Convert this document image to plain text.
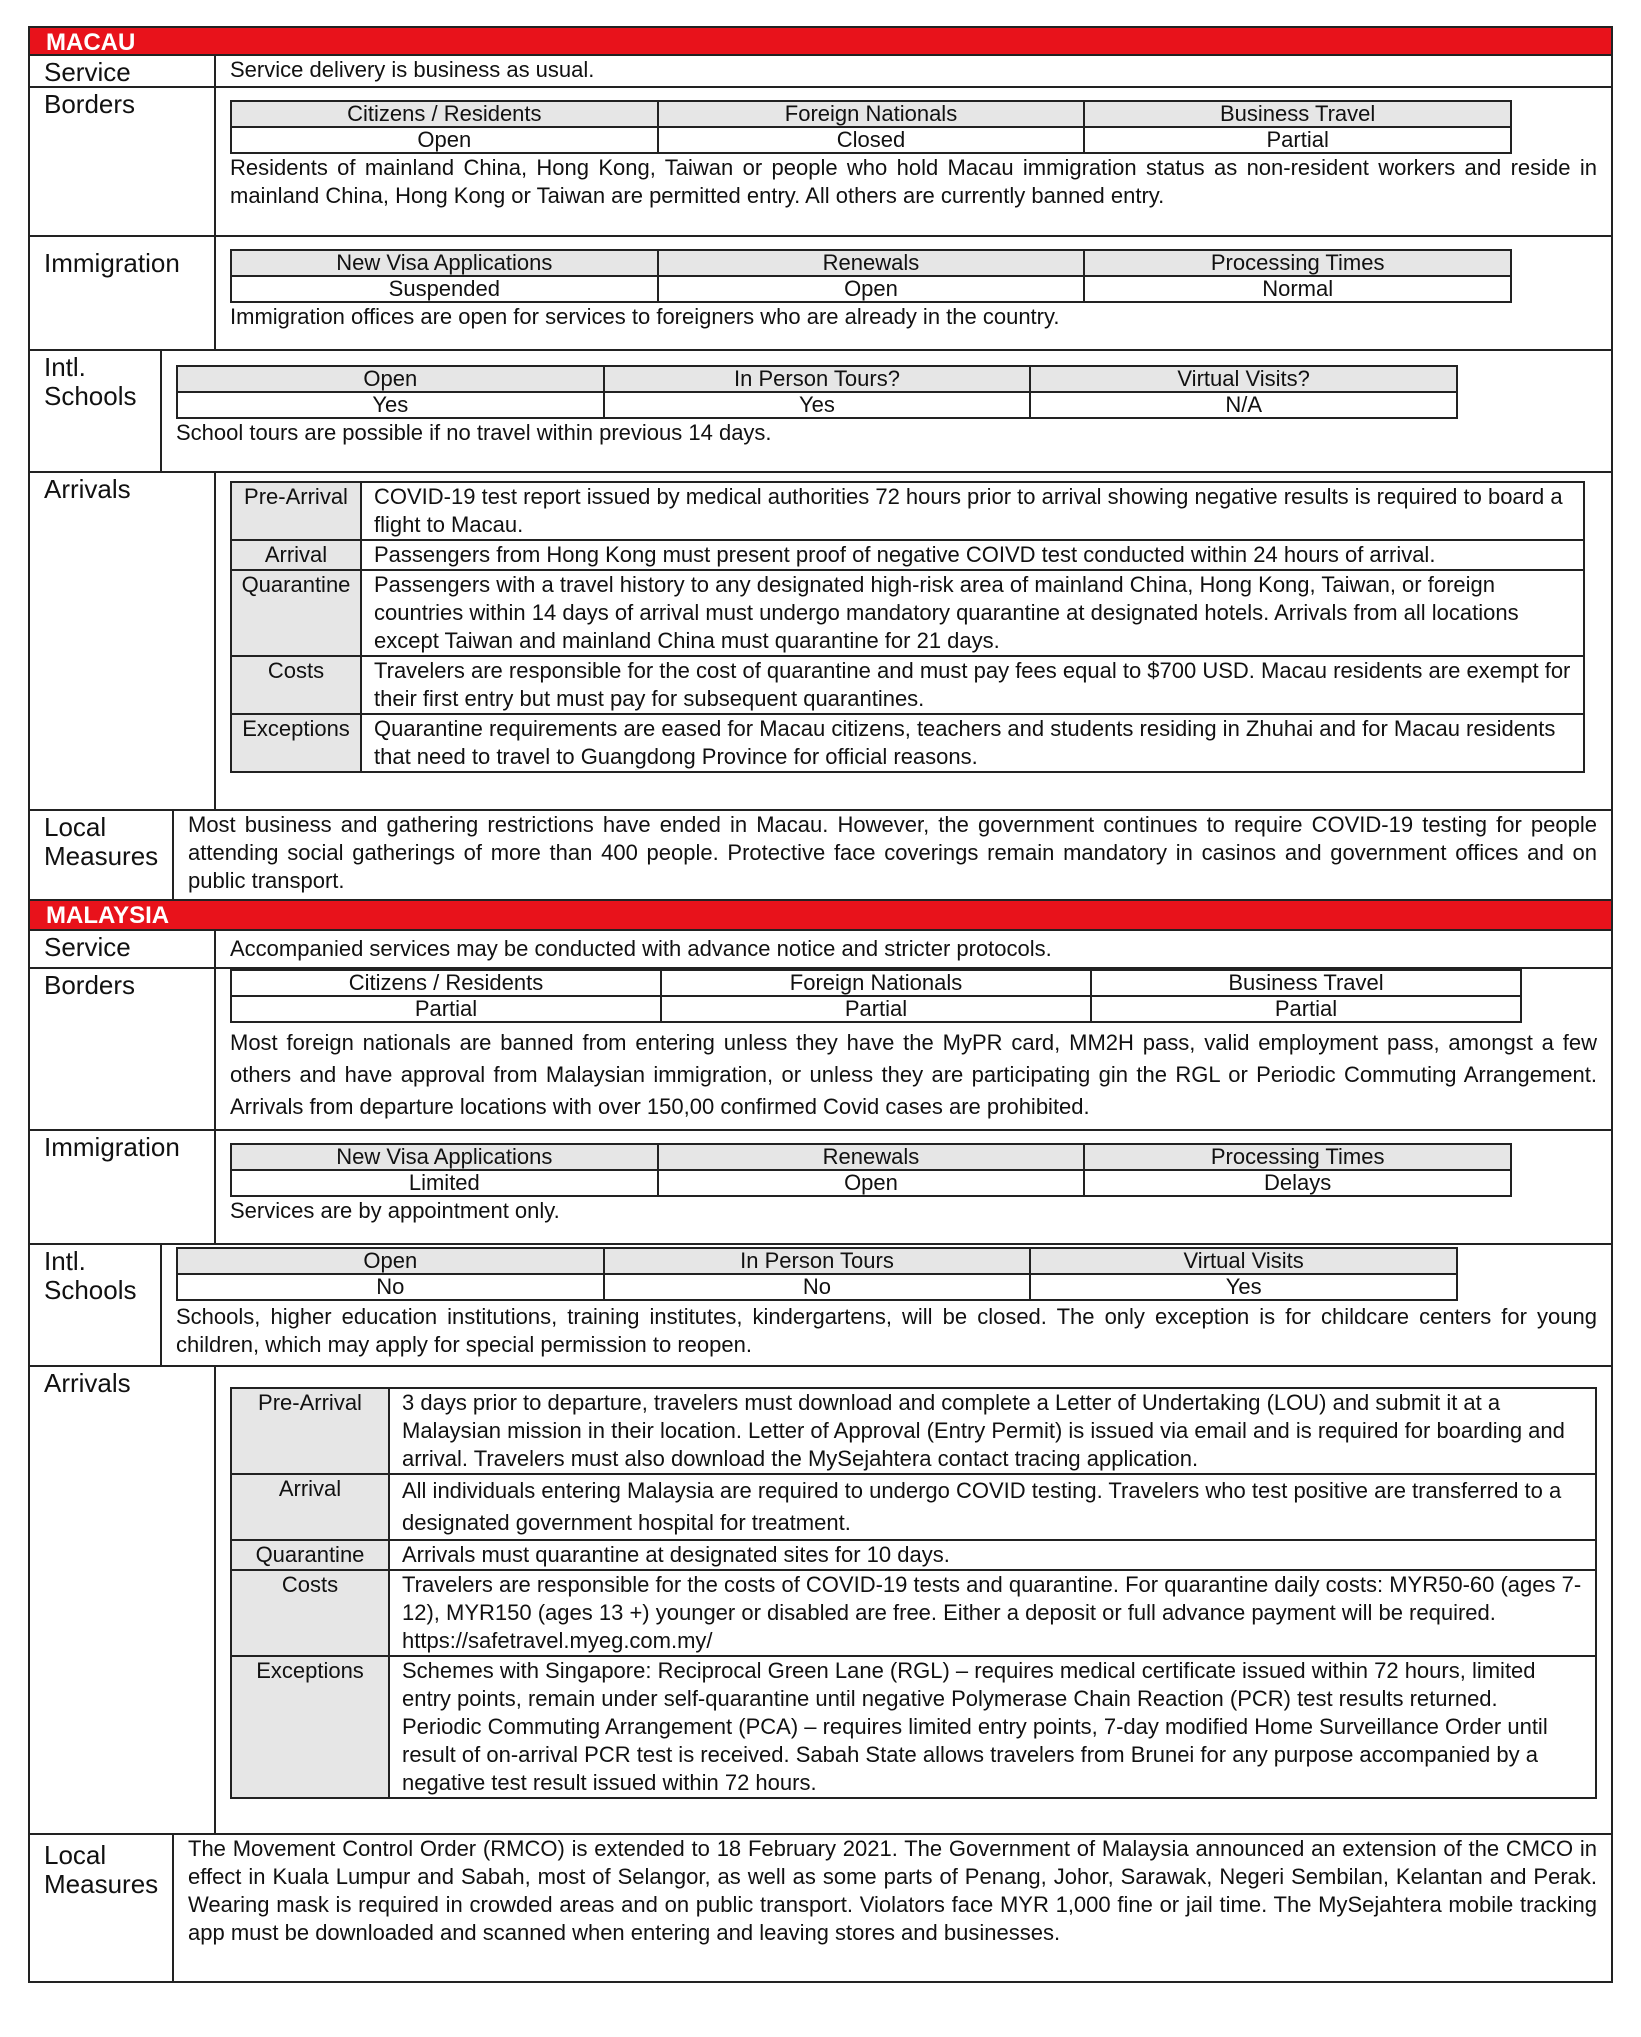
MACAU
Service	Service delivery is business as usual.
Borders	Citizens / Residents	Foreign Nationals	Business Travel
Open	Closed	Partial
Residents of mainland China, Hong Kong, Taiwan or people who hold Macau immigration status as non-resident workers and reside in mainland China, Hong Kong or Taiwan are permitted entry. All others are currently banned entry.
Immigration	New Visa Applications	Renewals	Processing Times
Suspended	Open	Normal
Immigration offices are open for services to foreigners who are already in the country.
Intl. Schools
Open	In Person Tours?	Virtual Visits?
Yes	Yes	N/A
School tours are possible if no travel within previous 14 days.
Arrivals	Pre-Arrival	COVID-19 test report issued by medical authorities 72 hours prior to arrival showing negative results is required to board a flight to Macau.
Arrival	Passengers from Hong Kong must present proof of negative COIVD test conducted within 24 hours of arrival.
Quarantine	Passengers with a travel history to any designated high-risk area of mainland China, Hong Kong, Taiwan, or foreign countries within 14 days of arrival must undergo mandatory quarantine at designated hotels. Arrivals from all locations except Taiwan and mainland China must quarantine for 21 days.
Costs	Travelers are responsible for the cost of quarantine and must pay fees equal to $700 USD. Macau residents are exempt for their first entry but must pay for subsequent quarantines.
Exceptions	Quarantine requirements are eased for Macau citizens, teachers and students residing in Zhuhai and for Macau residents that need to travel to Guangdong Province for official reasons.
Local Measures
Most business and gathering restrictions have ended in Macau. However, the government continues to require COVID-19 testing for people attending social gatherings of more than 400 people. Protective face coverings remain mandatory in casinos and government offices and on public transport.
MALAYSIA
Service	Accompanied services may be conducted with advance notice and stricter protocols.
Borders	Citizens / Residents	Foreign Nationals	Business Travel
Partial	Partial	Partial
Most foreign nationals are banned from entering unless they have the MyPR card, MM2H pass, valid employment pass, amongst a few others and have approval from Malaysian immigration, or unless they are participating gin the RGL or Periodic Commuting Arrangement. Arrivals from departure locations with over 150,00 confirmed Covid cases are prohibited.
Immigration	New Visa Applications	Renewals	Processing Times
Limited	Open	Delays
Services are by appointment only.
Intl. Schools
Open	In Person Tours	Virtual Visits
No	No	Yes
Schools, higher education institutions, training institutes, kindergartens, will be closed. The only exception is for childcare centers for young children, which may apply for special permission to reopen.
Arrivals
Pre-Arrival	3 days prior to departure, travelers must download and complete a Letter of Undertaking (LOU) and submit it at a Malaysian mission in their location. Letter of Approval (Entry Permit) is issued via email and is required for boarding and arrival. Travelers must also download the MySejahtera contact tracing application.
Arrival	All individuals entering Malaysia are required to undergo COVID testing. Travelers who test positive are transferred to a designated government hospital for treatment.
Quarantine	Arrivals must quarantine at designated sites for 10 days.
Costs	Travelers are responsible for the costs of COVID-19 tests and quarantine. For quarantine daily costs: MYR50-60 (ages 7-12), MYR150 (ages 13 +) younger or disabled are free. Either a deposit or full advance payment will be required. https://safetravel.myeg.com.my/
Exceptions	Schemes with Singapore: Reciprocal Green Lane (RGL) – requires medical certificate issued within 72 hours, limited entry points, remain under self-quarantine until negative Polymerase Chain Reaction (PCR) test results returned. Periodic Commuting Arrangement (PCA) – requires limited entry points, 7-day modified Home Surveillance Order until result of on-arrival PCR test is received. Sabah State allows travelers from Brunei for any purpose accompanied by a negative test result issued within 72 hours.
Local Measures
The Movement Control Order (RMCO) is extended to 18 February 2021. The Government of Malaysia announced an extension of the CMCO in effect in Kuala Lumpur and Sabah, most of Selangor, as well as some parts of Penang, Johor, Sarawak, Negeri Sembilan, Kelantan and Perak. Wearing mask is required in crowded areas and on public transport. Violators face MYR 1,000 fine or jail time. The MySejahtera mobile tracking app must be downloaded and scanned when entering and leaving stores and businesses.
